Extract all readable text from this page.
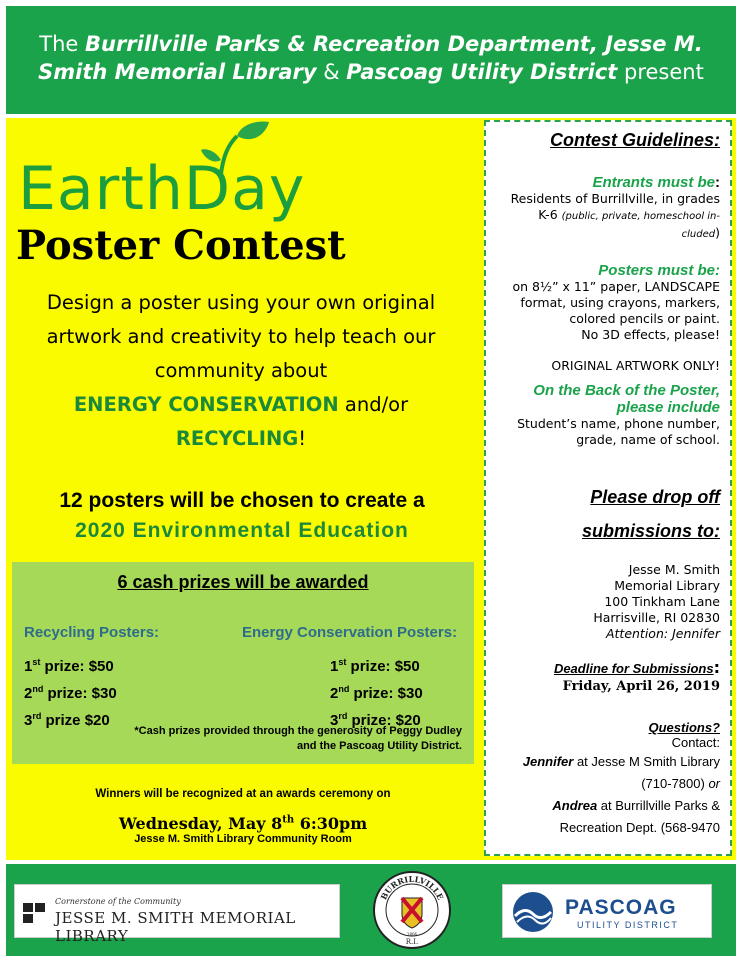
The Burrillville Parks & Recreation Department, Jesse M. Smith Memorial Library & Pascoag Utility District present
EarthDay
Poster Contest
Design a poster using your own original artwork and creativity to help teach our community about
ENERGY CONSERVATION and/or
RECYCLING!
12 posters will be chosen to create a
2020 Environmental Education
6 cash prizes will be awarded
Recycling Posters:
1st prize: $50
2nd prize: $30
3rd prize $20
Energy Conservation Posters:
1st prize: $50
2nd prize: $30
3rd prize: $20
*Cash prizes provided through the generosity of Peggy Dudley
and the Pascoag Utility District.
Winners will be recognized at an awards ceremony on
Wednesday, May 8th 6:30pm
Jesse M. Smith Library Community Room
Contest Guidelines:
Entrants must be:
Residents of Burrillville, in grades
K-6 (public, private, homeschool in-
cluded)
Posters must be:
on 8½” x 11” paper, LANDSCAPE
format, using crayons, markers,
colored pencils or paint.
No 3D effects, please!
ORIGINAL ARTWORK ONLY!
On the Back of the Poster,
please include
Student’s name, phone number,
grade, name of school.
Please drop off
submissions to:
Jesse M. Smith
Memorial Library
100 Tinkham Lane
Harrisville, RI 02830
Attention: Jennifer
Deadline for Submissions:
Friday, April 26, 2019
Questions?
Contact:
Jennifer at Jesse M Smith Library
(710-7800) or
Andrea at Burrillville Parks &
Recreation Dept. (568-9470
Cornerstone of the Community
JESSE M. SMITH MEMORIAL LIBRARY
BURRILLVILLE
R.I.
1806
PASCOAG
UTILITY DISTRICT
